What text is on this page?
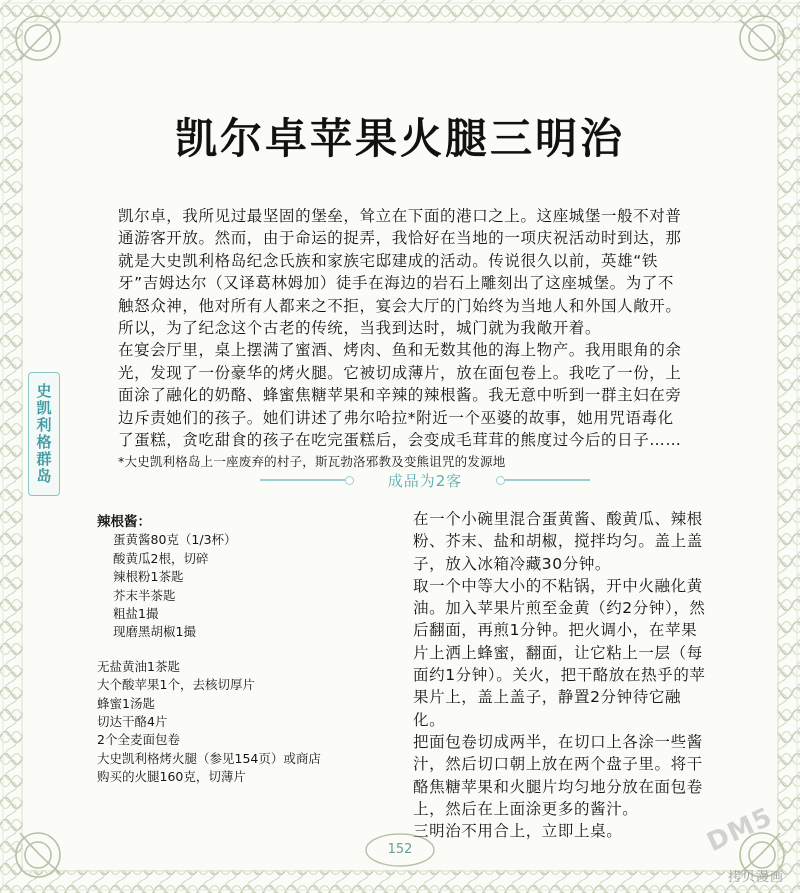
凯尔卓苹果火腿三明治

凯尔卓，我所见过最坚固的堡垒，耸立在下面的港口之上。这座城堡一般不对普通游客开放。然而，由于命运的捉弄，我恰好在当地的一项庆祝活动时到达，那就是大史凯利格岛纪念氏族和家族宅邸建成的活动。传说很久以前，英雄“铁牙”吉姆达尔（又译葛林姆加）徒手在海边的岩石上雕刻出了这座城堡。为了不触怒众神，他对所有人都来之不拒，宴会大厅的门始终为当地人和外国人敞开。所以，为了纪念这个古老的传统，当我到达时，城门就为我敞开着。

在宴会厅里，桌上摆满了蜜酒、烤肉、鱼和无数其他的海上物产。我用眼角的余光，发现了一份豪华的烤火腿。它被切成薄片，放在面包卷上。我吃了一份，上面涂了融化的奶酪、蜂蜜焦糖苹果和辛辣的辣根酱。我无意中听到一群主妇在旁边斥责她们的孩子。她们讲述了弗尔哈拉*附近一个巫婆的故事，她用咒语毒化了蛋糕，贪吃甜食的孩子在吃完蛋糕后，会变成毛茸茸的熊度过今后的日子……

*大史凯利格岛上一座废弃的村子，斯瓦勃洛邪教及变熊诅咒的发源地

史凯利格群岛	成品为2客
辣根酱：
蛋黄酱80克（1/3杯）
酸黄瓜2根，切碎
辣根粉1茶匙
芥末半茶匙
粗盐1撮
现磨黑胡椒1撮
无盐黄油1茶匙
大个酸苹果1个，去核切厚片
蜂蜜1汤匙
切达干酪4片
2个全麦面包卷
大史凯利格烤火腿（参见154页）或商店
购买的火腿160克，切薄片

在一个小碗里混合蛋黄酱、酸黄瓜、辣根粉、芥末、盐和胡椒，搅拌均匀。盖上盖子，放入冰箱冷藏30分钟。

取一个中等大小的不粘锅，开中火融化黄油。加入苹果片煎至金黄（约2分钟），然后翻面，再煎1分钟。把火调小，在苹果片上洒上蜂蜜，翻面，让它粘上一层（每面约1分钟）。关火，把干酪放在热乎的苹果片上，盖上盖子，静置2分钟待它融化。

把面包卷切成两半，在切口上各涂一些酱汁，然后切口朝上放在两个盘子里。将干酪焦糖苹果和火腿片均匀地分放在面包卷上，然后在上面涂更多的酱汁。

三明治不用合上，立即上桌。

152	DM5
拷贝漫画
